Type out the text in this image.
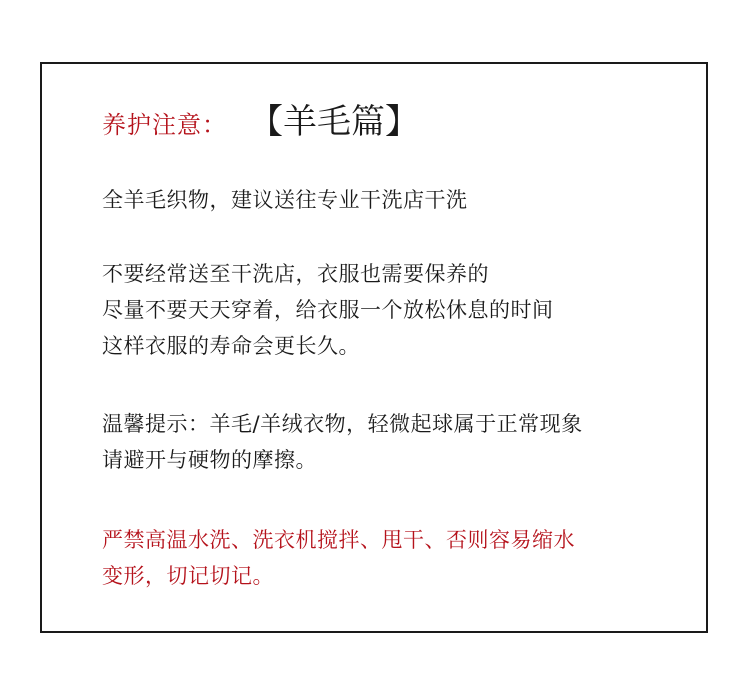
养护注意： 【羊毛篇】
全羊毛织物，建议送往专业干洗店干洗
不要经常送至干洗店，衣服也需要保养的
尽量不要天天穿着，给衣服一个放松休息的时间
这样衣服的寿命会更长久。
温馨提示：羊毛/羊绒衣物，轻微起球属于正常现象
请避开与硬物的摩擦。
严禁高温水洗、洗衣机搅拌、甩干、否则容易缩水
变形，切记切记。
